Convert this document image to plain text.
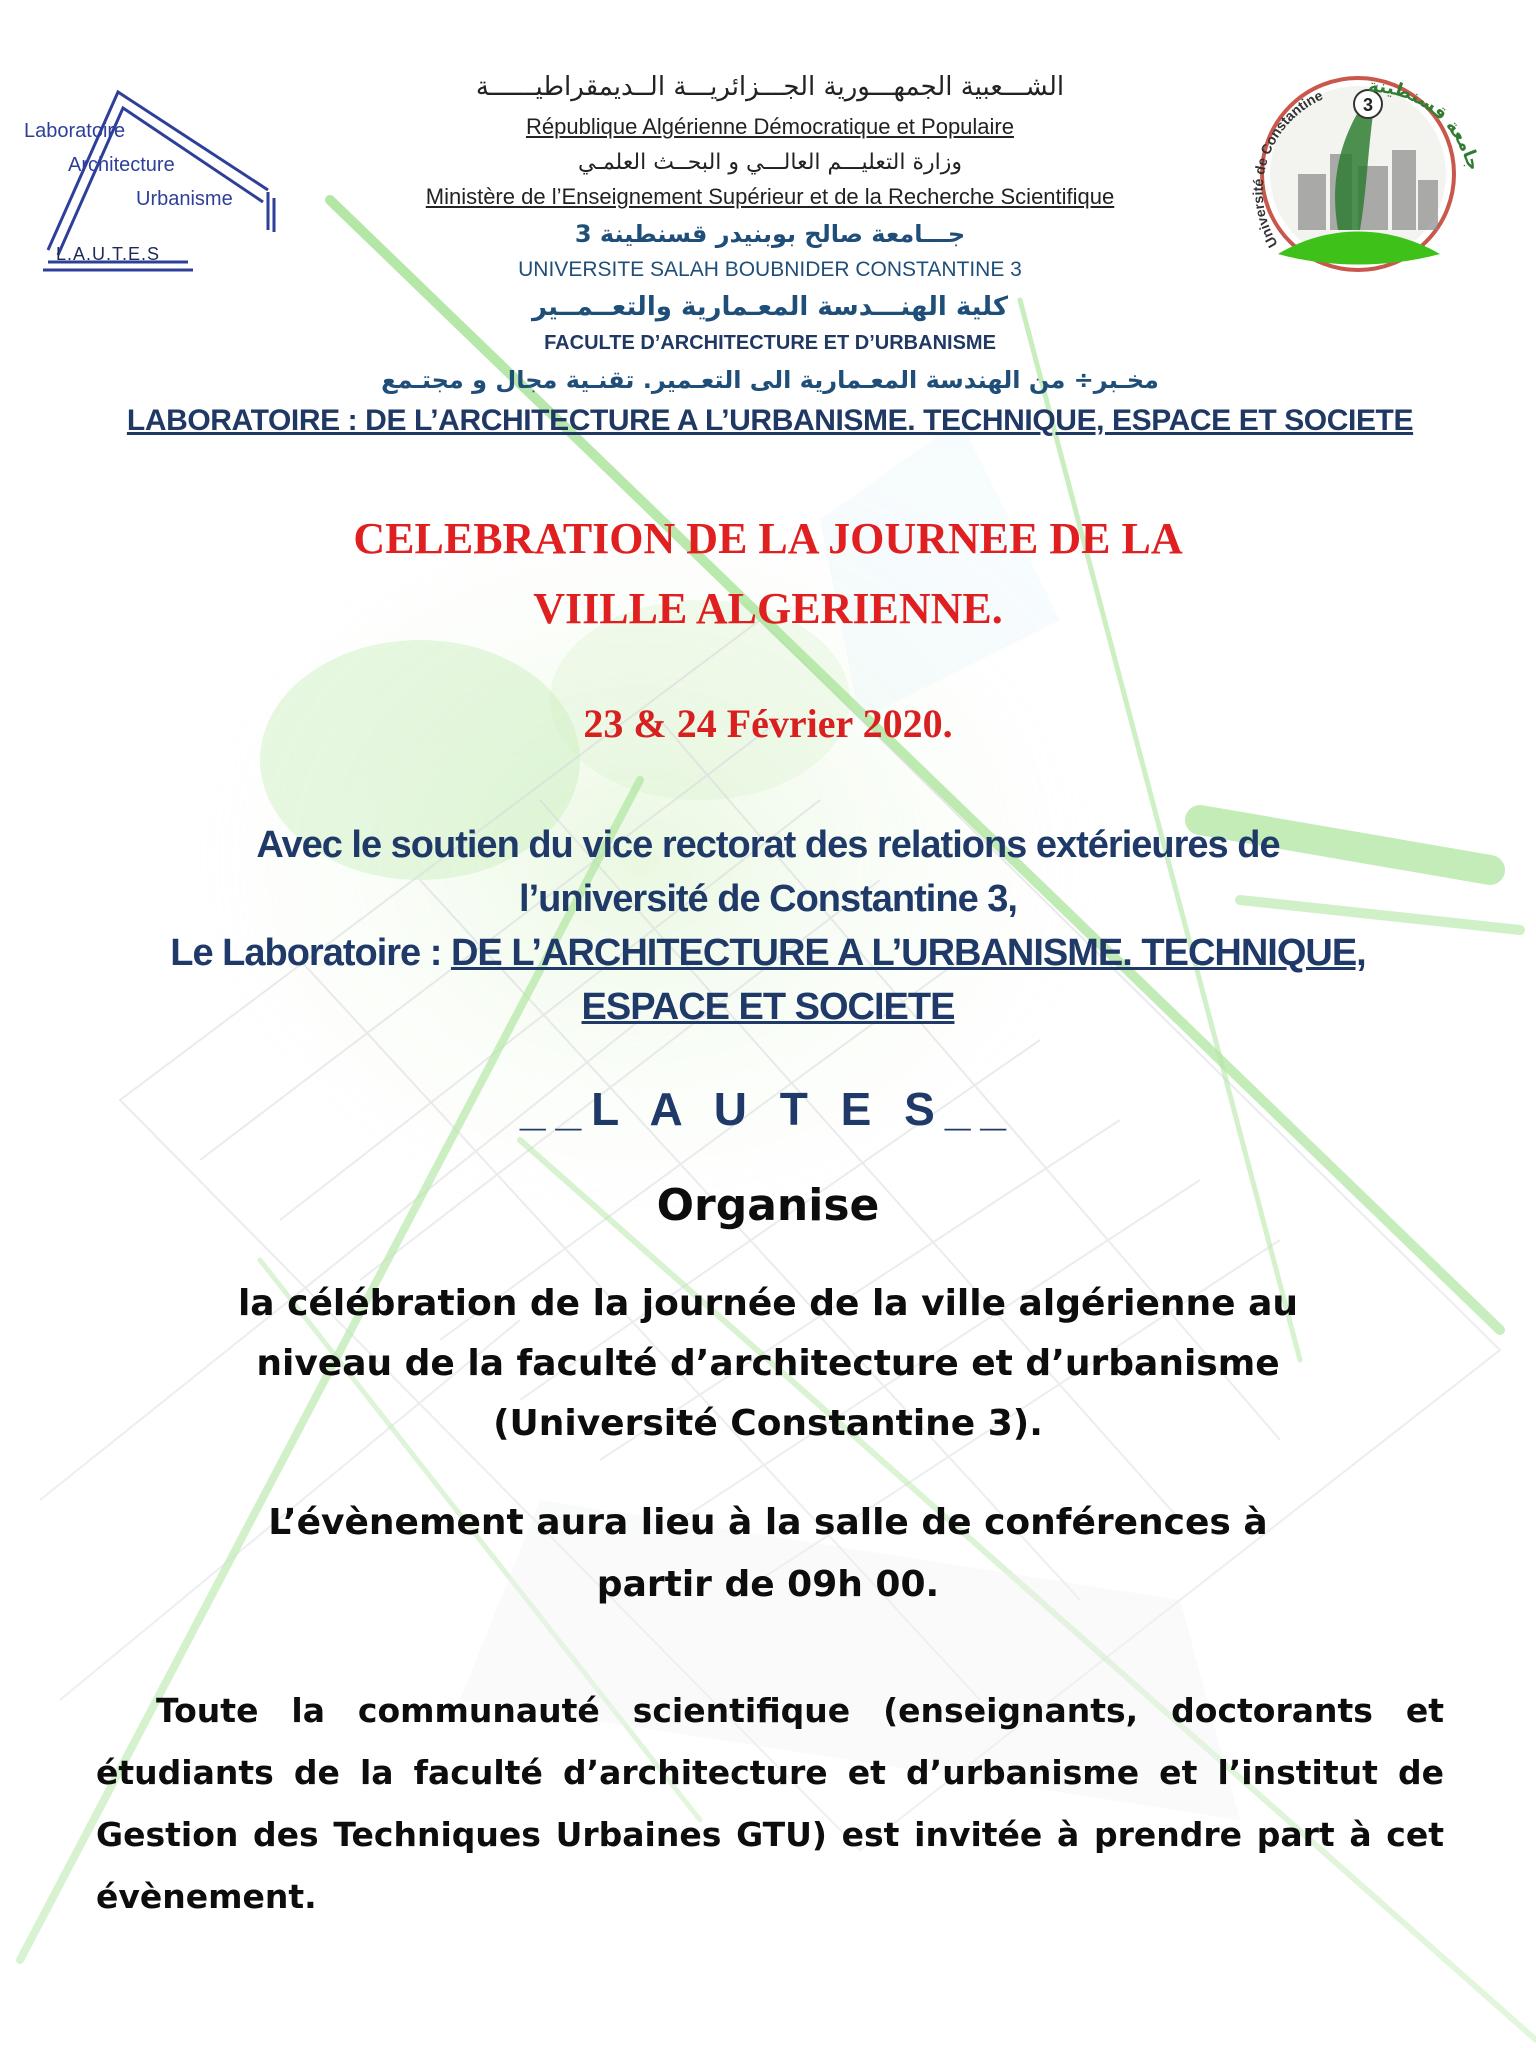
Laboratoire
Architecture
Urbanisme
L.A.U.T.E.S
3
Université de Constantine جامعة قسنطينة
الشـــعبية الجمهـــورية الجـــزائريـــة الــديمقراطيــــــة
République Algérienne Démocratique et Populaire
وزارة التعليـــم العالـــي و البحــث العلمـي
Ministère de l’Enseignement Supérieur et de la Recherche Scientifique
جـــامعة صالح بوبنيدر قسنطينة 3
UNIVERSITE SALAH BOUBNIDER CONSTANTINE 3
كلية الهنـــدسة المعـمارية والتعــمــير
FACULTE D’ARCHITECTURE ET D’URBANISME
مخـبر÷ من الهندسة المعـمارية الى التعـمير. تقنـية مجال و مجتـمع
LABORATOIRE : DE L’ARCHITECTURE A L’URBANISME. TECHNIQUE, ESPACE ET SOCIETE
CELEBRATION DE LA JOURNEE DE LA
VIILLE ALGERIENNE.
23 & 24 Février 2020.
Avec le soutien du vice rectorat des relations extérieures de
l’université de Constantine 3,
Le Laboratoire : DE L’ARCHITECTURE A L’URBANISME. TECHNIQUE,
ESPACE ET SOCIETE
__L A U T E S__
Organise
la célébration de la journée de la ville algérienne au
niveau de la faculté d’architecture et d’urbanisme
(Université Constantine 3).
L’évènement aura lieu à la salle de conférences à
partir de 09h 00.
Toute la communauté scientifique (enseignants, doctorants et étudiants de la faculté d’architecture et d’urbanisme et l’institut de Gestion des Techniques Urbaines GTU) est invitée à prendre part à cet évènement.
